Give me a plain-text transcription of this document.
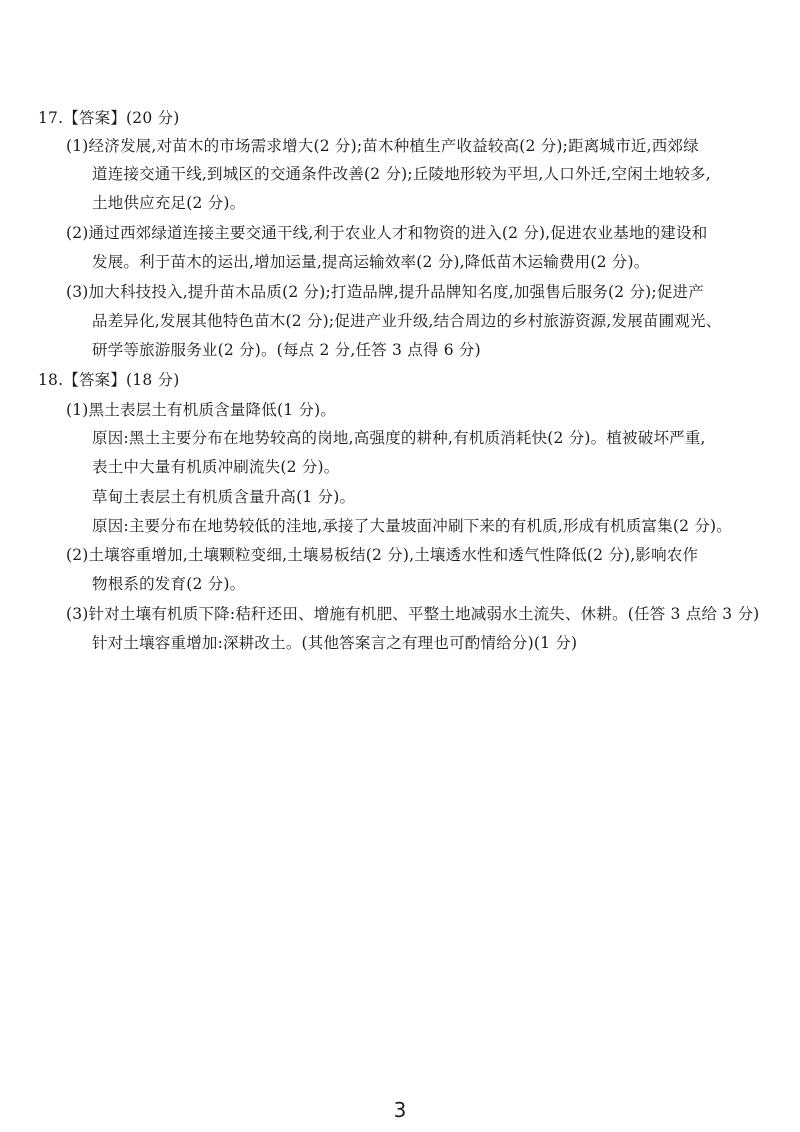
17.【答案】(20 分)
(1)经济发展,对苗木的市场需求增大(2 分);苗木种植生产收益较高(2 分);距离城市近,西郊绿
道连接交通干线,到城区的交通条件改善(2 分);丘陵地形较为平坦,人口外迁,空闲土地较多,
土地供应充足(2 分)。
(2)通过西郊绿道连接主要交通干线,利于农业人才和物资的进入(2 分),促进农业基地的建设和
发展。利于苗木的运出,增加运量,提高运输效率(2 分),降低苗木运输费用(2 分)。
(3)加大科技投入,提升苗木品质(2 分);打造品牌,提升品牌知名度,加强售后服务(2 分);促进产
品差异化,发展其他特色苗木(2 分);促进产业升级,结合周边的乡村旅游资源,发展苗圃观光、
研学等旅游服务业(2 分)。(每点 2 分,任答 3 点得 6 分)
18.【答案】(18 分)
(1)黑土表层土有机质含量降低(1 分)。
原因:黑土主要分布在地势较高的岗地,高强度的耕种,有机质消耗快(2 分)。植被破坏严重,
表土中大量有机质冲刷流失(2 分)。
草甸土表层土有机质含量升高(1 分)。
原因:主要分布在地势较低的洼地,承接了大量坡面冲刷下来的有机质,形成有机质富集(2 分)。
(2)土壤容重增加,土壤颗粒变细,土壤易板结(2 分),土壤透水性和透气性降低(2 分),影响农作
物根系的发育(2 分)。
(3)针对土壤有机质下降:秸秆还田、增施有机肥、平整土地减弱水土流失、休耕。(任答 3 点给 3 分)
针对土壤容重增加:深耕改土。(其他答案言之有理也可酌情给分)(1 分)
3
